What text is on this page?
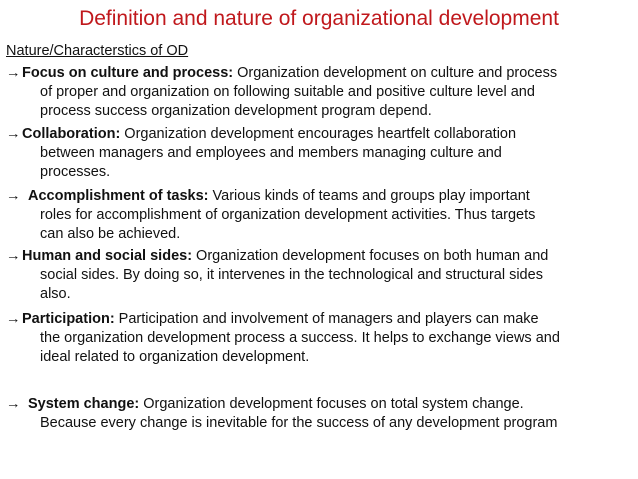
Definition and nature of organizational development
Nature/Characterstics of OD
→ Focus on culture and process: Organization development on culture and process
of proper and organization on following suitable and positive culture level and
process success organization development program depend.
→ Collaboration: Organization development encourages heartfelt collaboration
between managers and employees and members managing culture and
processes.
→ Accomplishment of tasks: Various kinds of teams and groups play important
roles for accomplishment of organization development activities. Thus targets
can also be achieved.
→ Human and social sides: Organization development focuses on both human and
social sides. By doing so, it intervenes in the technological and structural sides
also.
→ Participation: Participation and involvement of managers and players can make
the organization development process a success. It helps to exchange views and
ideal related to organization development.
→ System change: Organization development focuses on total system change.
Because every change is inevitable for the success of any development program
